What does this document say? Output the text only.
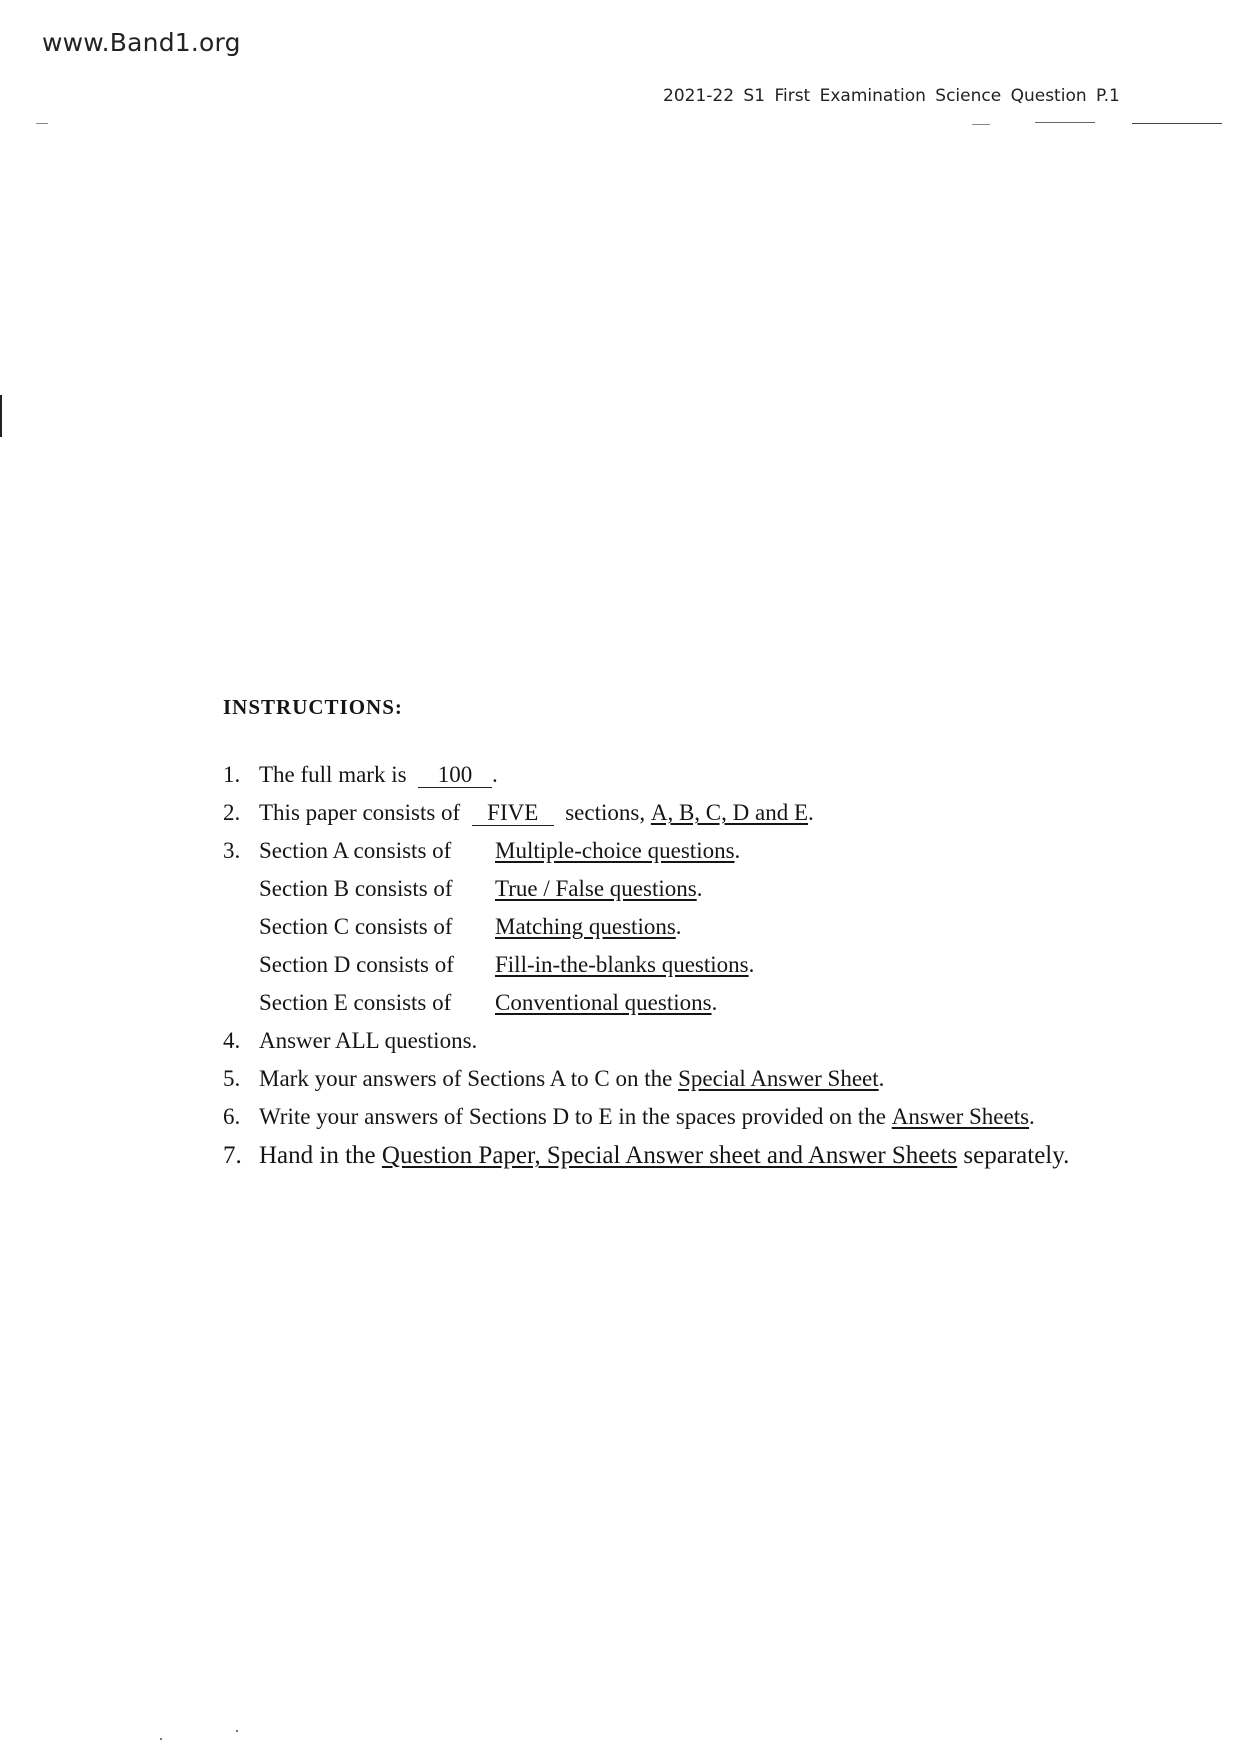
www.Band1.org
2021-22 S1 First Examination Science Question P.1
INSTRUCTIONS:
1. The full mark is
	100 .
2. This paper consists of
	FIVE
	sections,
A, B, C, D and E .
3. Section A consists of	Multiple-choice questions .
Section B consists of	True / False questions .
Section C consists of	Matching questions .
Section D consists of	Fill-in-the-blanks questions .
Section E consists of	Conventional questions .
4. Answer ALL questions.
5. Mark your answers of Sections A to C on the
Special Answer Sheet .
6. Write your answers of Sections D to E in the spaces provided on the
Answer Sheets .
7. Hand in the
Question Paper, Special Answer sheet and Answer Sheets
separately.
